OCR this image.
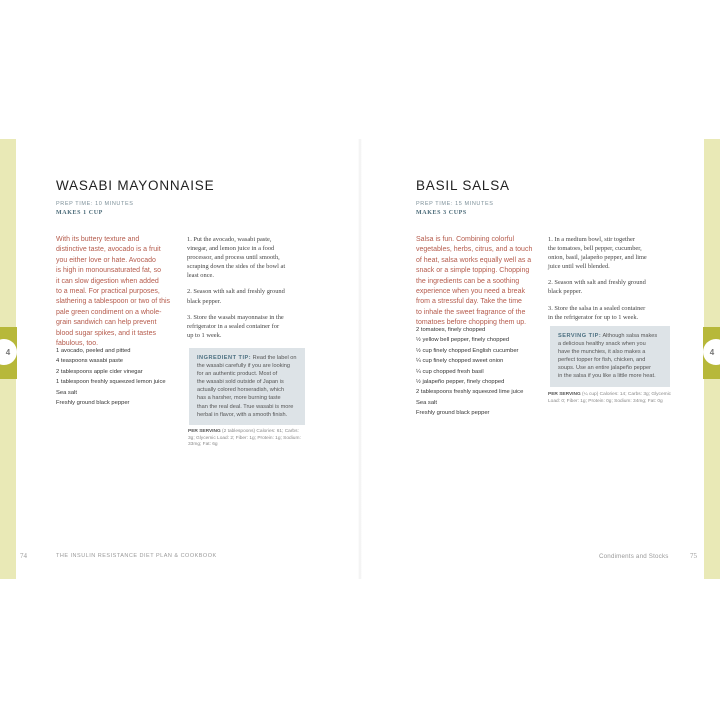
4	4
WASABI MAYONNAISE
PREP TIME: 10 MINUTES
MAKES 1 CUP
With its buttery texture and
distinctive taste, avocado is a fruit
you either love or hate. Avocado
is high in monounsaturated fat, so
it can slow digestion when added
to a meal. For practical purposes,
slathering a tablespoon or two of this
pale green condiment on a whole-
grain sandwich can help prevent
blood sugar spikes, and it tastes
fabulous, too.
1 avocado, peeled and pitted
4 teaspoons wasabi paste
2 tablespoons apple cider vinegar
1 tablespoon freshly squeezed lemon juice
Sea salt
Freshly ground black pepper
1. Put the avocado, wasabi paste,
vinegar, and lemon juice in a food
processor, and process until smooth,
scraping down the sides of the bowl at
least once.
2. Season with salt and freshly ground
black pepper.
3. Store the wasabi mayonnaise in the
refrigerator in a sealed container for
up to 1 week.
INGREDIENT TIP: Read the label on
the wasabi carefully if you are looking
for an authentic product. Most of
the wasabi sold outside of Japan is
actually colored horseradish, which
has a harsher, more burning taste
than the real deal. True wasabi is more
herbal in flavor, with a smooth finish.
PER SERVING (2 tablespoons) Calories: 61; Carbs:
3g; Glycemic Load: 2; Fiber: 1g; Protein: 1g; Sodium:
33mg; Fat: 6g
74	THE INSULIN RESISTANCE DIET PLAN & COOKBOOK
BASIL SALSA
PREP TIME: 15 MINUTES
MAKES 3 CUPS
Salsa is fun. Combining colorful
vegetables, herbs, citrus, and a touch
of heat, salsa works equally well as a
snack or a simple topping. Chopping
the ingredients can be a soothing
experience when you need a break
from a stressful day. Take the time
to inhale the sweet fragrance of the
tomatoes before chopping them up.
2 tomatoes, finely chopped
½ yellow bell pepper, finely chopped
½ cup finely chopped English cucumber
¼ cup finely chopped sweet onion
¼ cup chopped fresh basil
½ jalapeño pepper, finely chopped
2 tablespoons freshly squeezed lime juice
Sea salt
Freshly ground black pepper
1. In a medium bowl, stir together
the tomatoes, bell pepper, cucumber,
onion, basil, jalapeño pepper, and lime
juice until well blended.
2. Season with salt and freshly ground
black pepper.
3. Store the salsa in a sealed container
in the refrigerator for up to 1 week.
SERVING TIP: Although salsa makes
a delicious healthy snack when you
have the munchies, it also makes a
perfect topper for fish, chicken, and
soups. Use an entire jalapeño pepper
in the salsa if you like a little more heat.
PER SERVING (¼ cup) Calories: 14; Carbs: 3g; Glycemic
Load: 0; Fiber: 1g; Protein: 0g; Sodium: 34mg; Fat: 0g
75
Condiments and Stocks
